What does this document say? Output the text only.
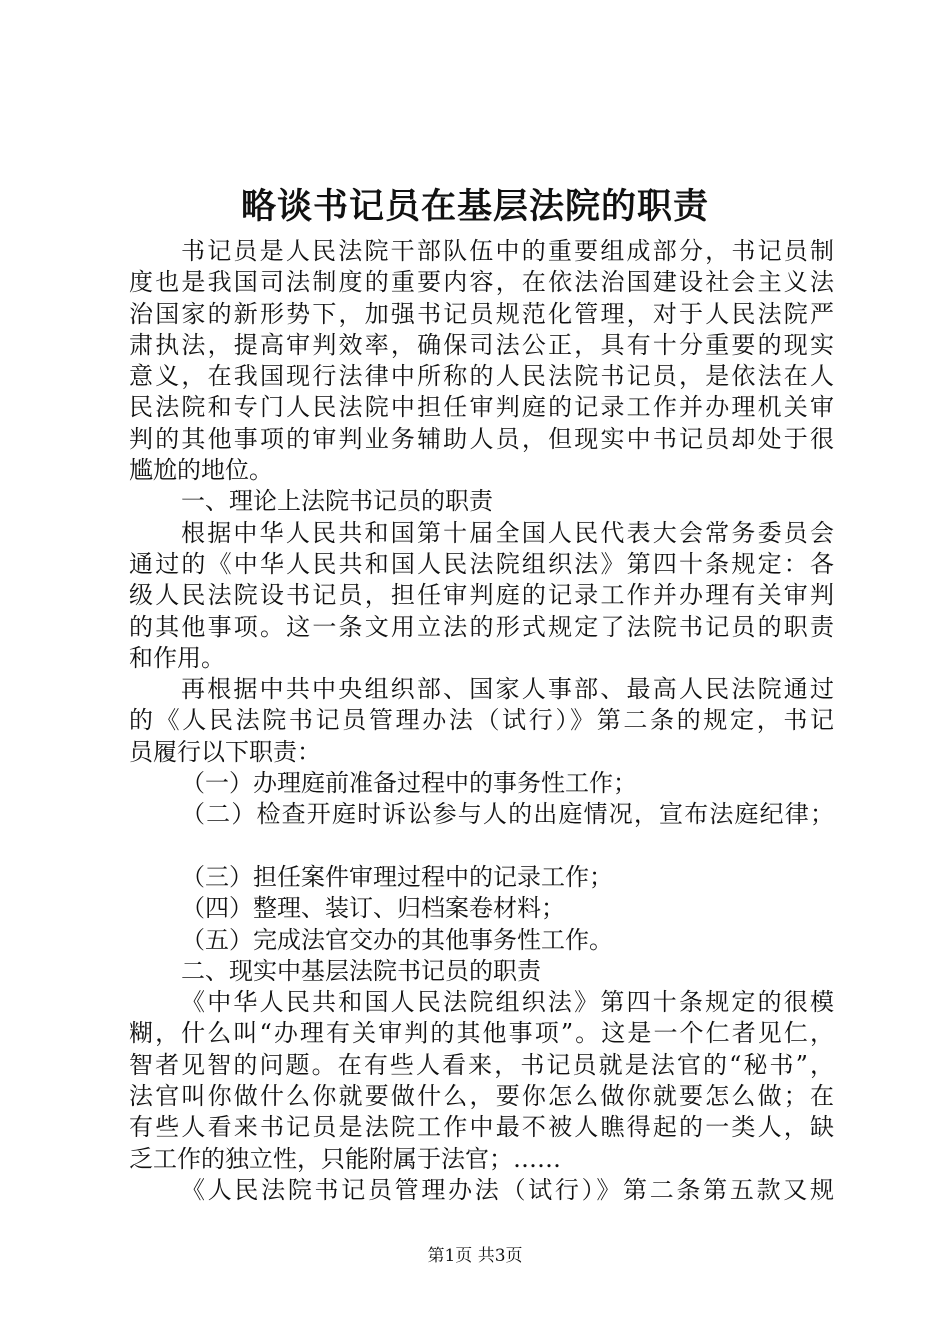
略谈书记员在基层法院的职责
书记员是人民法院干部队伍中的重要组成部分，书记员制
度也是我国司法制度的重要内容，在依法治国建设社会主义法
治国家的新形势下，加强书记员规范化管理，对于人民法院严
肃执法，提高审判效率，确保司法公正，具有十分重要的现实
意义，在我国现行法律中所称的人民法院书记员，是依法在人
民法院和专门人民法院中担任审判庭的记录工作并办理机关审
判的其他事项的审判业务辅助人员，但现实中书记员却处于很
尴尬的地位。
一、理论上法院书记员的职责
根据中华人民共和国第十届全国人民代表大会常务委员会
通过的《中华人民共和国人民法院组织法》第四十条规定：各
级人民法院设书记员，担任审判庭的记录工作并办理有关审判
的其他事项。这一条文用立法的形式规定了法院书记员的职责
和作用。
再根据中共中央组织部、国家人事部、最高人民法院通过
的《人民法院书记员管理办法（试行）》第二条的规定，书记
员履行以下职责：
（一）办理庭前准备过程中的事务性工作；
（二）检查开庭时诉讼参与人的出庭情况，宣布法庭纪律；
（三）担任案件审理过程中的记录工作；
（四）整理、装订、归档案卷材料；
（五）完成法官交办的其他事务性工作。
二、现实中基层法院书记员的职责
《中华人民共和国人民法院组织法》第四十条规定的很模
糊，什么叫“办理有关审判的其他事项”。这是一个仁者见仁，
智者见智的问题。在有些人看来，书记员就是法官的“秘书”，
法官叫你做什么你就要做什么，要你怎么做你就要怎么做；在
有些人看来书记员是法院工作中最不被人瞧得起的一类人，缺
乏工作的独立性，只能附属于法官；……
《人民法院书记员管理办法（试行）》第二条第五款又规
第1页 共3页
